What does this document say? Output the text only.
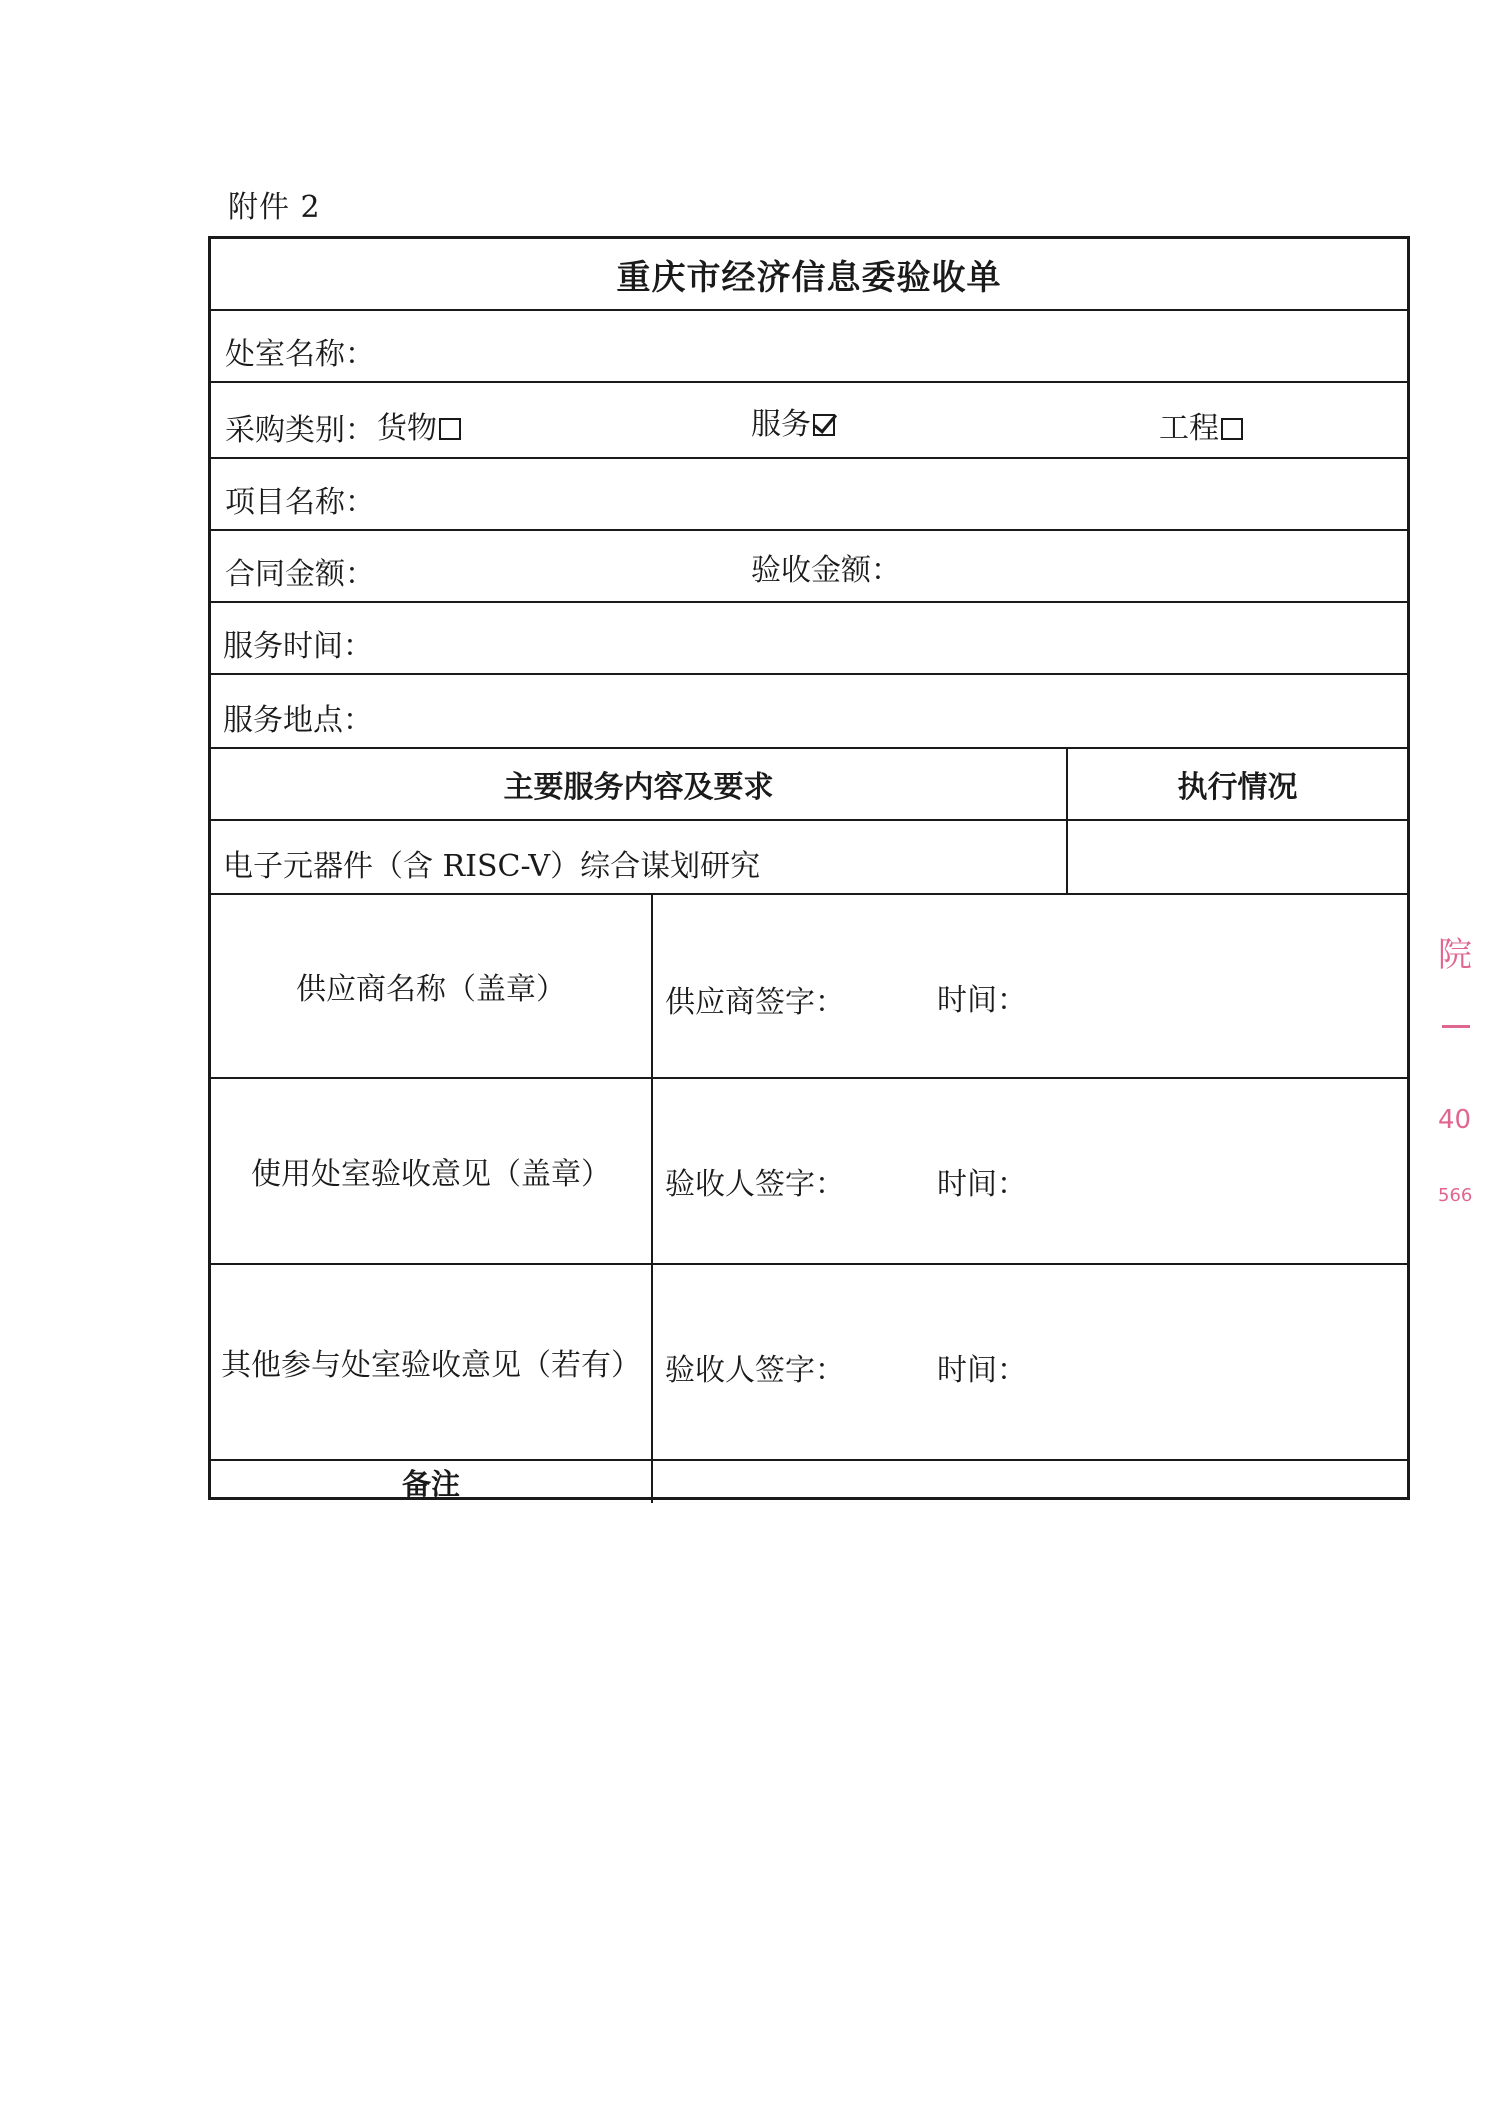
附件 2
重庆市经济信息委验收单
处室名称：
采购类别： 货物	服务	工程
项目名称：
合同金额：	验收金额：
服务时间：
服务地点：
主要服务内容及要求	执行情况
电子元器件（含 RISC-V）综合谋划研究
供应商名称（盖章）	供应商签字：	时间：
使用处室验收意见（盖章）	验收人签字：	时间：
其他参与处室验收意见（若有） 验收人签字：	时间：
备注
院
40
566
